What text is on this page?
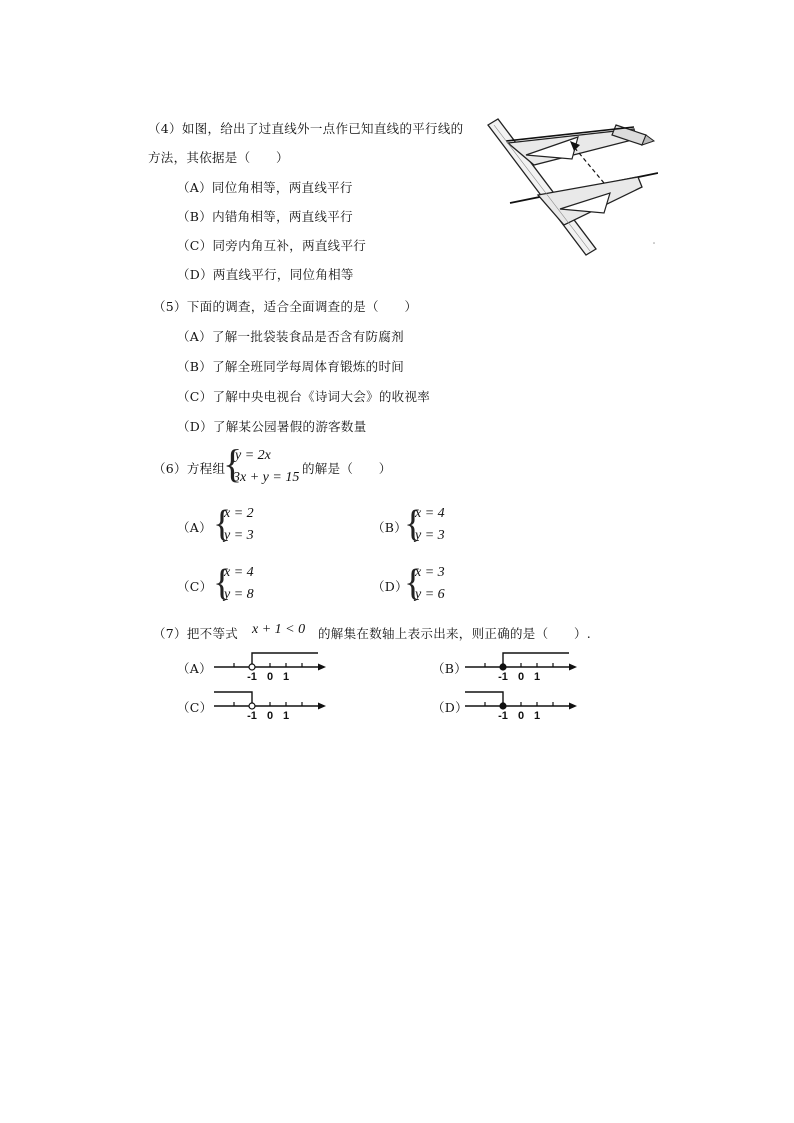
（4）如图，给出了过直线外一点作已知直线的平行线的
方法，其依据是（　　）
（A）同位角相等，两直线平行
（B）内错角相等，两直线平行
（C）同旁内角互补，两直线平行
（D）两直线平行，同位角相等
（5）下面的调查，适合全面调查的是（　　）
（A）了解一批袋装食品是否含有防腐剂
（B）了解全班同学每周体育锻炼的时间
（C）了解中央电视台《诗词大会》的收视率
（D）了解某公园暑假的游客数量
（6）方程组
{
y = 2x
3x + y = 15
的解是（　　）
（A） {
x = 2
y = 3
（B）
{
x = 4
y = 3
（C） {
x = 4
y = 8
（D）
{
x = 3
y = 6
（7）把不等式 x + 1 < 0 的解集在数轴上表示出来，则正确的是（　　）.
（A）	（B）
（C）	（D）
-1 0 1	-1 0 1
-1 0 1	-1 0 1
